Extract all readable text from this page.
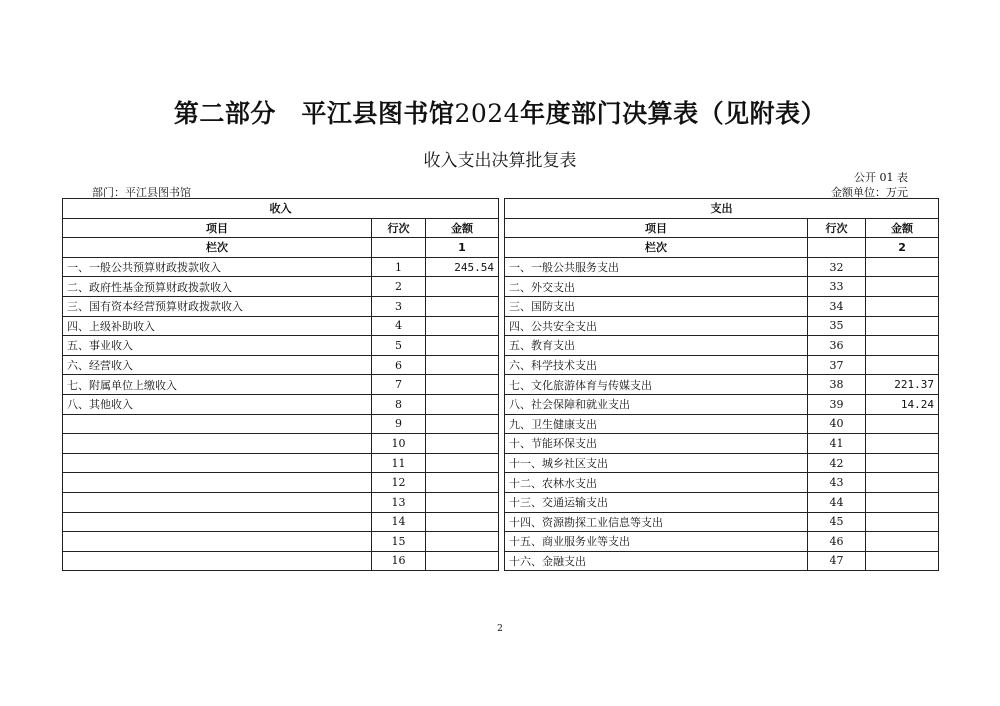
第二部分　平江县图书馆2024年度部门决算表（见附表）
收入支出决算批复表
公开 01 表
部门：平江县图书馆	金额单位：万元
收入				支出		
项目	行次	金额		项目	行次	金额
栏次		1		栏次		2
一、一般公共预算财政拨款收入	1	245.54		一、一般公共服务支出	32	
二、政府性基金预算财政拨款收入	2			二、外交支出	33	
三、国有资本经营预算财政拨款收入	3			三、国防支出	34	
四、上级补助收入	4			四、公共安全支出	35	
五、事业收入	5			五、教育支出	36	
六、经营收入	6			六、科学技术支出	37	
七、附属单位上缴收入	7			七、文化旅游体育与传媒支出	38	221.37
八、其他收入	8			八、社会保障和就业支出	39	14.24
	9			九、卫生健康支出	40	
	10			十、节能环保支出	41	
	11			十一、城乡社区支出	42	
	12			十二、农林水支出	43	
	13			十三、交通运输支出	44	
	14			十四、资源勘探工业信息等支出	45	
	15			十五、商业服务业等支出	46	
	16			十六、金融支出	47	
2
